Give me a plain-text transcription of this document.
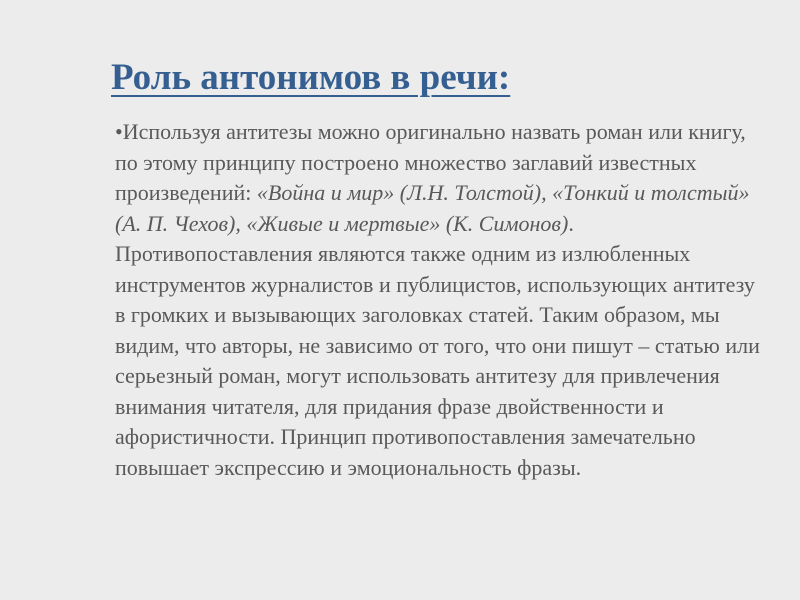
Роль антонимов в речи:
•Используя антитезы можно оригинально назвать роман или книгу, по этому принципу построено множество заглавий известных произведений: «Война и мир» (Л.Н. Толстой), «Тонкий и толстый» (А. П. Чехов), «Живые и мертвые» (К. Симонов).
Противопоставления являются также одним из излюбленных инструментов журналистов и публицистов, использующих антитезу в громких и вызывающих заголовках статей. Таким образом, мы видим, что авторы, не зависимо от того, что они пишут – статью или серьезный роман, могут использовать антитезу для привлечения внимания читателя, для придания фразе двойственности и афористичности. Принцип противопоставления замечательно повышает экспрессию и эмоциональность фразы.
